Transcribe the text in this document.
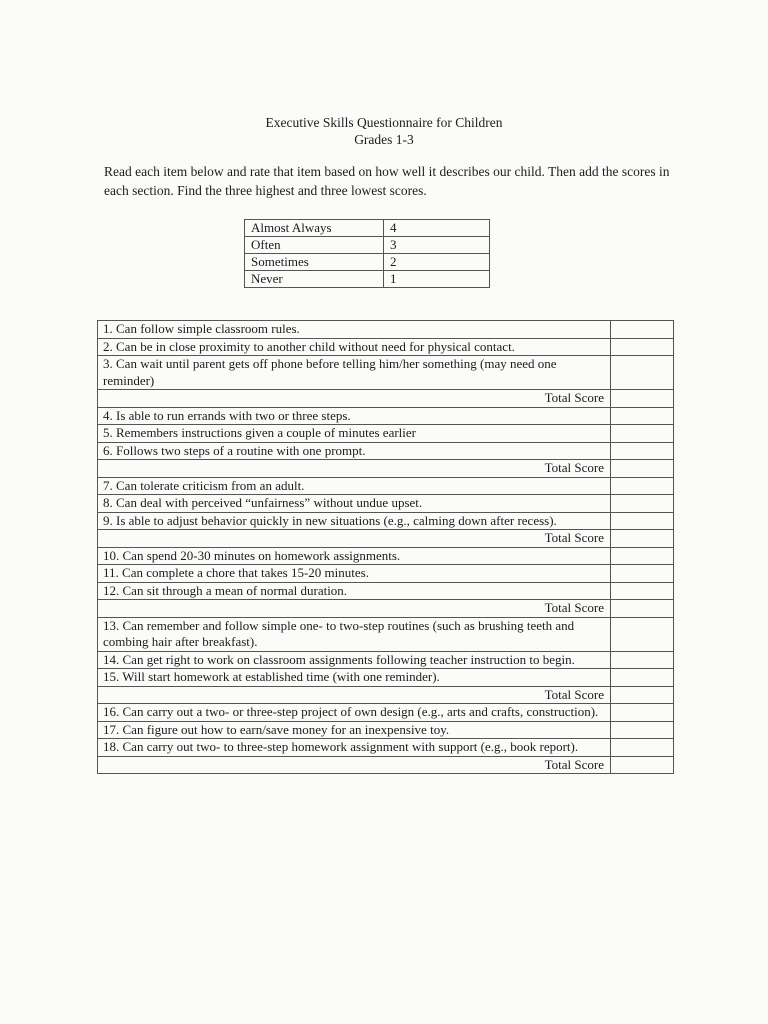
Executive Skills Questionnaire for Children
Grades 1-3
Read each item below and rate that item based on how well it describes our child. Then add the scores in each section. Find the three highest and three lowest scores.
Almost Always	4
Often	3
Sometimes	2
Never	1
1. Can follow simple classroom rules.	
2. Can be in close proximity to another child without need for physical contact.	
3. Can wait until parent gets off phone before telling him/her something (may need one reminder)	
Total Score	
4. Is able to run errands with two or three steps.	
5. Remembers instructions given a couple of minutes earlier	
6. Follows two steps of a routine with one prompt.	
Total Score	
7. Can tolerate criticism from an adult.	
8. Can deal with perceived “unfairness” without undue upset.	
9. Is able to adjust behavior quickly in new situations (e.g., calming down after recess).	
Total Score	
10. Can spend 20-30 minutes on homework assignments.	
11. Can complete a chore that takes 15-20 minutes.	
12. Can sit through a mean of normal duration.	
Total Score	
13. Can remember and follow simple one- to two-step routines (such as brushing teeth and combing hair after breakfast).	
14. Can get right to work on classroom assignments following teacher instruction to begin.	
15. Will start homework at established time (with one reminder).	
Total Score	
16. Can carry out a two- or three-step project of own design (e.g., arts and crafts, construction).	
17. Can figure out how to earn/save money for an inexpensive toy.	
18. Can carry out two- to three-step homework assignment with support (e.g., book report).	
Total Score	
